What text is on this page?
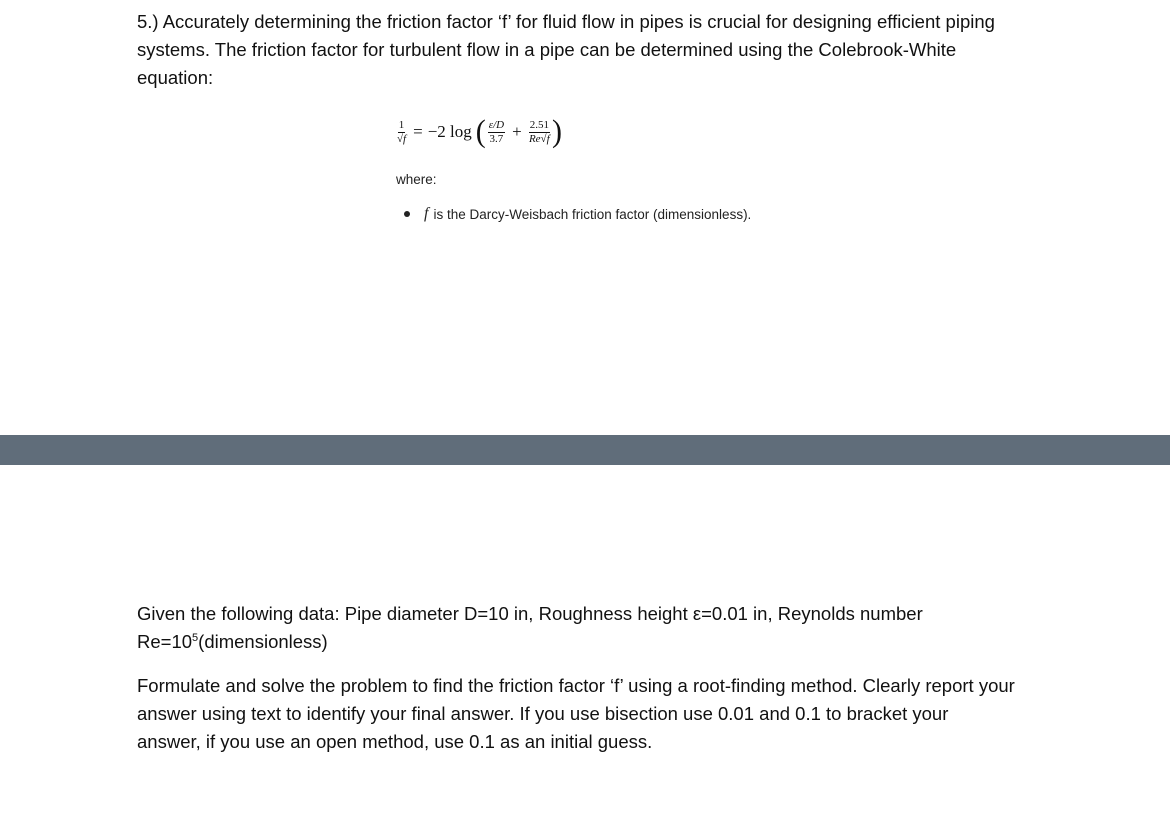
5.) Accurately determining the friction factor ‘f’ for fluid flow in pipes is crucial for designing efficient piping systems. The friction factor for turbulent flow in a pipe can be determined using the Colebrook-White equation:

$\frac{1}{√f} = -2$ log ( $\frac{\varepsilon/D}{3.7} + \frac{2.51}{Re√f}$ )
where:
f is the Darcy-Weisbach friction factor (dimensionless).
Given the following data: Pipe diameter D=10 in, Roughness height ε=0.01 in, Reynolds number
$Re=10^5(dimensionless)$

Formulate and solve the problem to find the friction factor ‘f’ using a root-finding method. Clearly report your answer using text to identify your final answer. If you use bisection use 0.01 and 0.1 to bracket your answer, if you use an open method, use 0.1 as an initial guess.
